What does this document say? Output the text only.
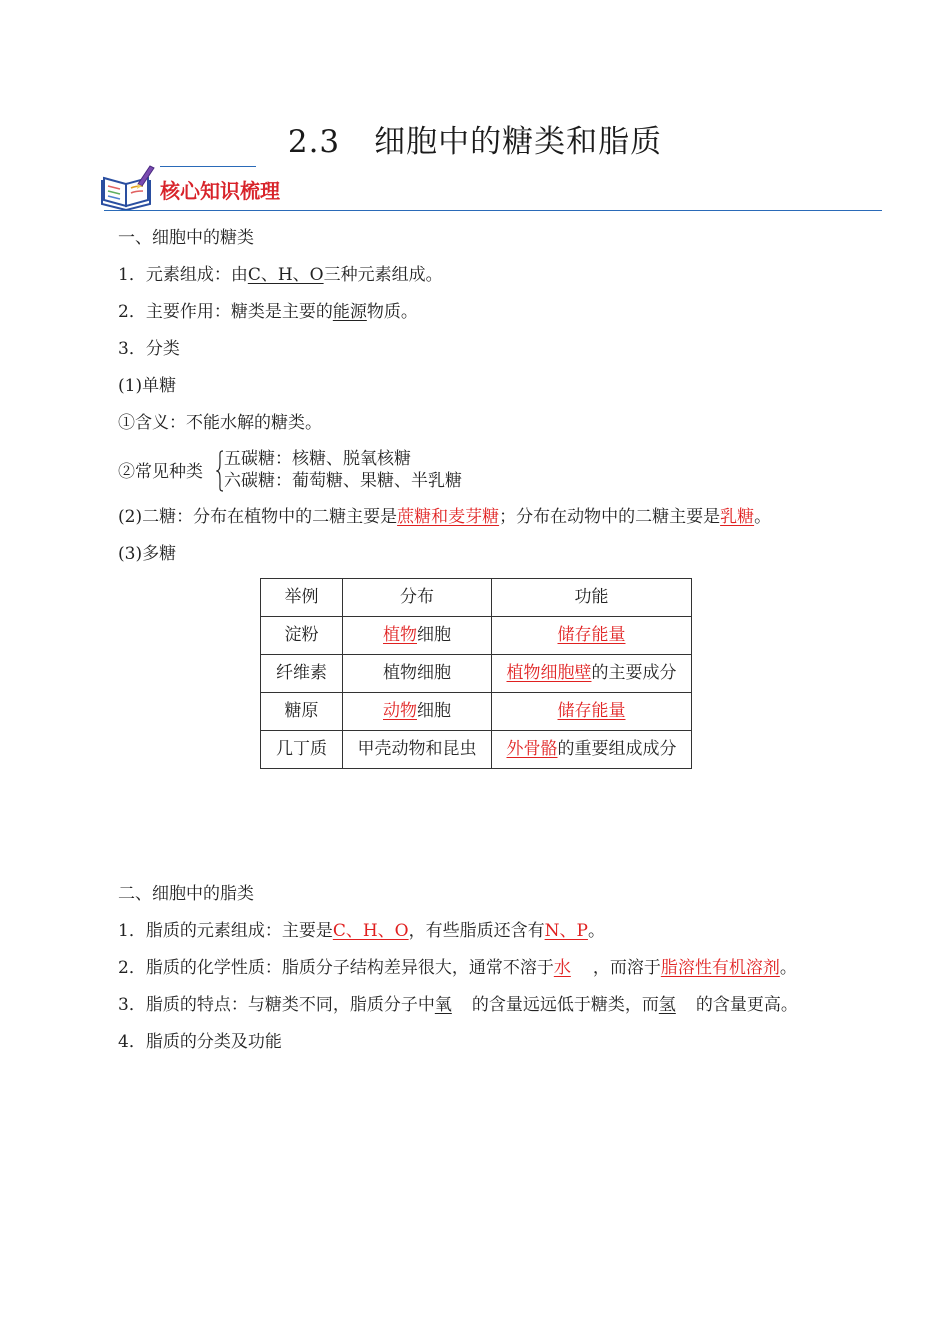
2.3 细胞中的糖类和脂质
核心知识梳理
一、细胞中的糖类
1．元素组成：由C、H、O三种元素组成。
2．主要作用：糖类是主要的能源物质。
3．分类
(1)单糖
①含义：不能水解的糖类。
②常见种类
五碳糖：核糖、脱氧核糖
六碳糖：葡萄糖、果糖、半乳糖
(2)二糖：分布在植物中的二糖主要是蔗糖和麦芽糖；分布在动物中的二糖主要是乳糖。
(3)多糖
举例	分布	功能
淀粉	植物细胞	储存能量
纤维素	植物细胞	植物细胞壁的主要成分
糖原	动物细胞	储存能量
几丁质	甲壳动物和昆虫	外骨骼的重要组成成分
二、细胞中的脂类
1．脂质的元素组成：主要是C、H、O，有些脂质还含有N、P。
2．脂质的化学性质：脂质分子结构差异很大，通常不溶于水 ，而溶于脂溶性有机溶剂。
3．脂质的特点：与糖类不同，脂质分子中氧 的含量远远低于糖类，而氢 的含量更高。
4．脂质的分类及功能
